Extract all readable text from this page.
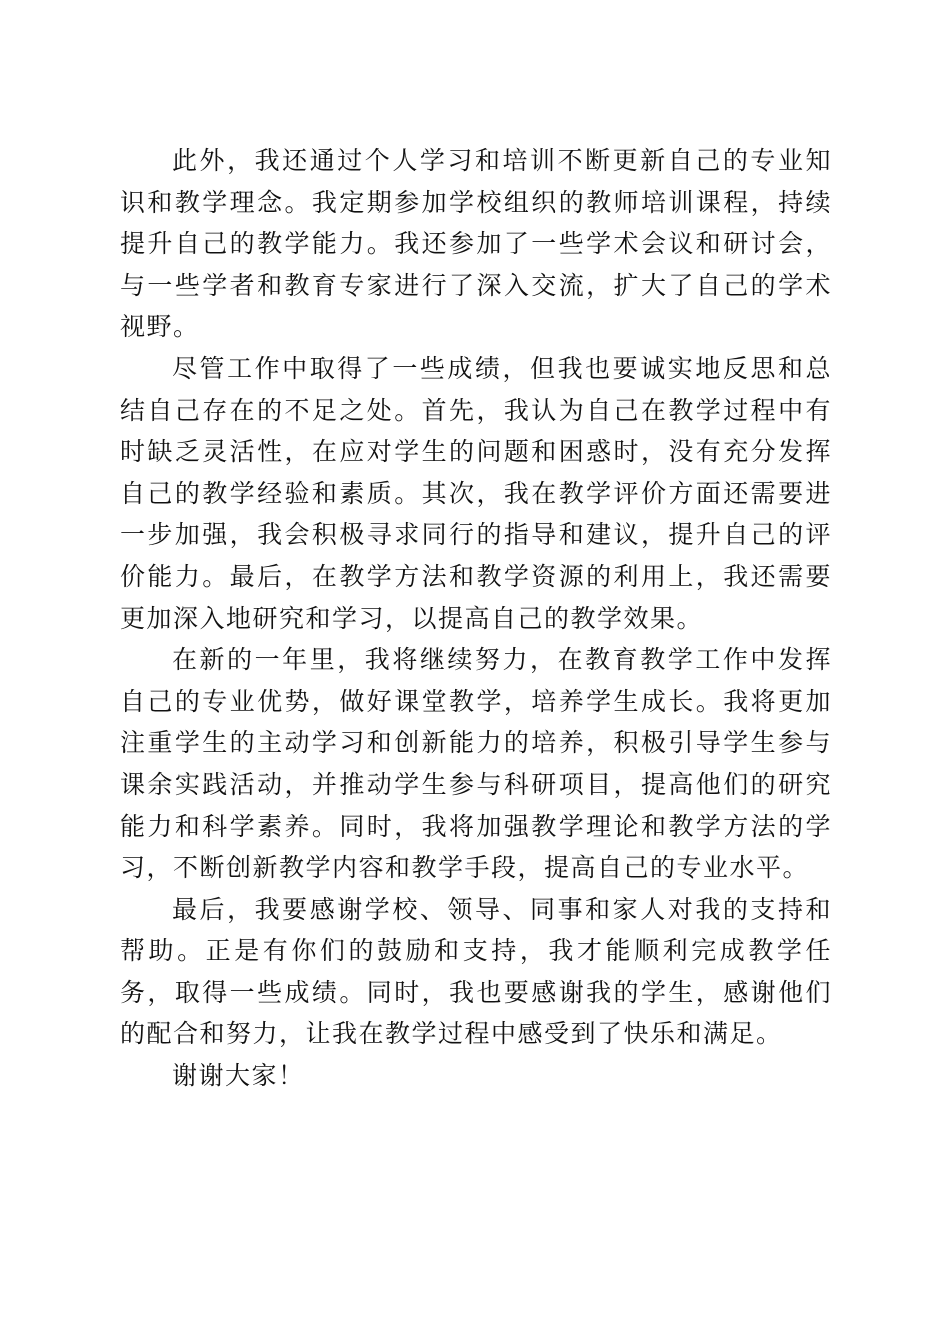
此外，我还通过个人学习和培训不断更新自己的专业知识和教学理念。我定期参加学校组织的教师培训课程，持续提升自己的教学能力。我还参加了一些学术会议和研讨会，与一些学者和教育专家进行了深入交流，扩大了自己的学术视野。

尽管工作中取得了一些成绩，但我也要诚实地反思和总结自己存在的不足之处。首先，我认为自己在教学过程中有时缺乏灵活性，在应对学生的问题和困惑时，没有充分发挥自己的教学经验和素质。其次，我在教学评价方面还需要进一步加强，我会积极寻求同行的指导和建议，提升自己的评价能力。最后，在教学方法和教学资源的利用上，我还需要更加深入地研究和学习，以提高自己的教学效果。

在新的一年里，我将继续努力，在教育教学工作中发挥自己的专业优势，做好课堂教学，培养学生成长。我将更加注重学生的主动学习和创新能力的培养，积极引导学生参与课余实践活动，并推动学生参与科研项目，提高他们的研究能力和科学素养。同时，我将加强教学理论和教学方法的学习，不断创新教学内容和教学手段，提高自己的专业水平。

最后，我要感谢学校、领导、同事和家人对我的支持和帮助。正是有你们的鼓励和支持，我才能顺利完成教学任务，取得一些成绩。同时，我也要感谢我的学生，感谢他们的配合和努力，让我在教学过程中感受到了快乐和满足。

谢谢大家！
